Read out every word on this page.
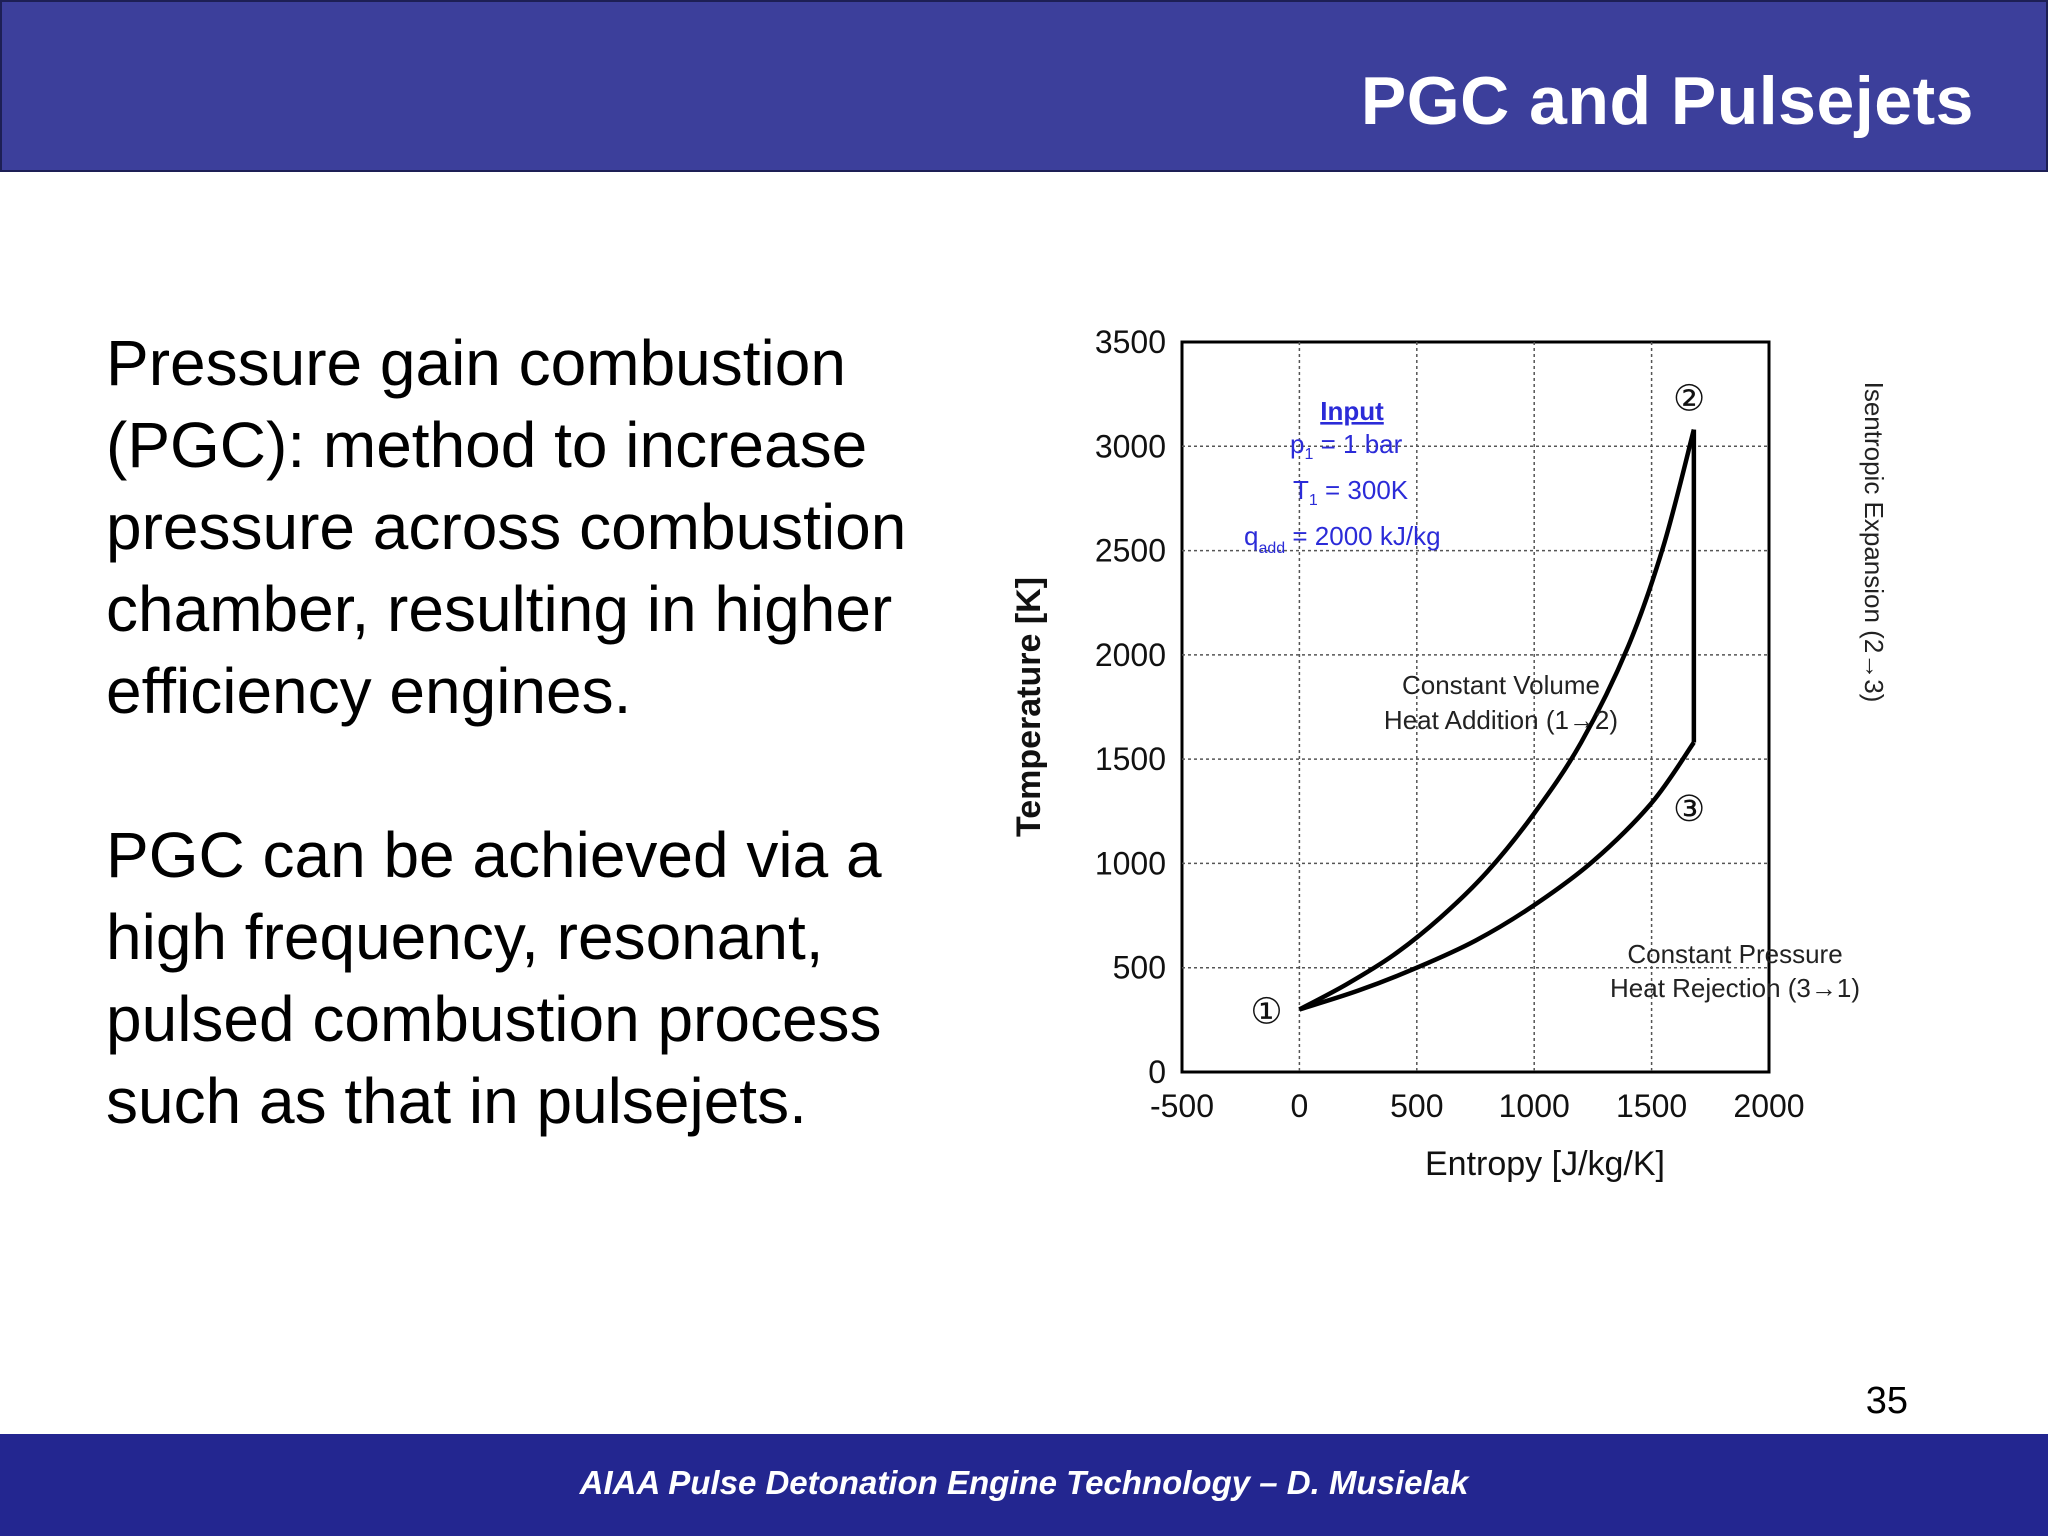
PGC and Pulsejets

Pressure gain combustion (PGC): method to increase pressure across combustion chamber, resulting in higher efficiency engines.

PGC can be achieved via a high frequency, resonant, pulsed combustion process such as that in pulsejets.	-500 0	500 1000 1500 2000
0
500
1000
1500
2000
2500
3000
3500
Entropy [J/kg/K]
Temperature [K]
Input
$p_1 = 1$ bar
$T_1 = 300K$
$q_{add} = 2000$ kJ/kg
Constant Volume
Heat Addition (1→2)
Constant Pressure
Heat Rejection (3→1)
Isentropic Expansion (2→3)
①
②
③
35
AIAA Pulse Detonation Engine Technology – D. Musielak
